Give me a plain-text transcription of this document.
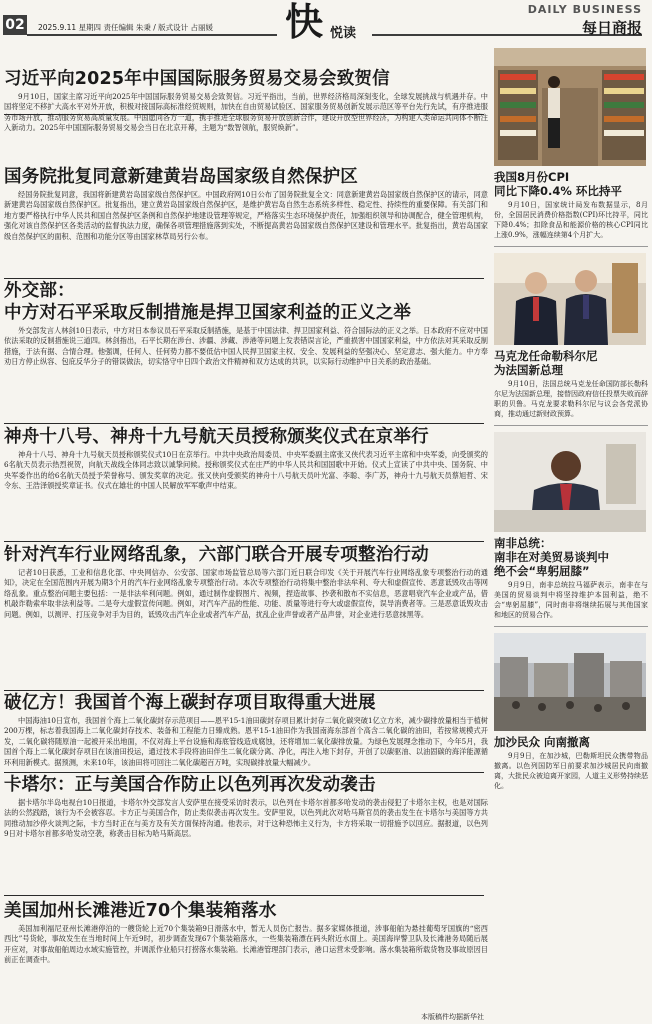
02	2025.9.11 星期四 责任编辑 朱秉 / 版式设计 占丽媛 快 悦读
DAILY BUSINESS
每日商报
习近平向2025年中国国际服务贸易交易会致贺信

9月10日，国家主席习近平向2025年中国国际服务贸易交易会致贺信。习近平指出，当前，世界经济格局深刻变化，全球发展挑战与机遇并存。中国将坚定不移扩大高水平对外开放，积极对接国际高标准经贸规则，加快在自由贸易试验区、国家服务贸易创新发展示范区等平台先行先试，有序推进服务市场开放，推动服务贸易高质量发展。中国愿同各方一道，携手推进全球服务贸易开放创新合作，建设开放型世界经济，为构建人类命运共同体不断注入新动力。2025年中国国际服务贸易交易会当日在北京开幕，主题为“数智领航，服贸焕新”。

国务院批复同意新建黄岩岛国家级自然保护区

经国务院批复同意，我国将新建黄岩岛国家级自然保护区。中国政府网10日公布了国务院批复全文：同意新建黄岩岛国家级自然保护区的请示，同意新建黄岩岛国家级自然保护区。批复指出，建立黄岩岛国家级自然保护区，是维护黄岩岛自然生态系统多样性、稳定性、持续性的重要保障。有关部门和地方要严格执行中华人民共和国自然保护区条例和自然保护地建设管理等规定，严格落实生态环境保护责任，加强组织领导和协调配合，健全管理机构，强化对该自然保护区各类活动的监督执法力度，确保各项管理措施落到实处，不断提高黄岩岛国家级自然保护区建设和管理水平。批复指出，黄岩岛国家级自然保护区的面积、范围和功能分区等由国家林草局另行公布。

外交部：
中方对石平采取反制措施是捍卫国家利益的正义之举

外交部发言人林剑10日表示，中方对日本参议员石平采取反制措施，是基于中国法律、捍卫国家利益、符合国际法的正义之举。日本政府不应对中国依法采取的反制措施说三道四。林剑指出，石平长期在涉台、涉疆、涉藏、涉港等问题上发表错误言论，严重损害中国国家利益，中方依法对其采取反制措施，于法有据、合情合理。他强调，任何人、任何势力都不要低估中国人民捍卫国家主权、安全、发展利益的坚强决心、坚定意志、强大能力。中方奉劝日方停止纵容、包庇反华分子的错误做法，切实恪守中日四个政治文件精神和双方达成的共识，以实际行动维护中日关系的政治基础。

神舟十八号、神舟十九号航天员授称颁奖仪式在京举行

神舟十八号、神舟十九号航天员授称颁奖仪式10日在京举行。中共中央政治局委员、中央军委副主席张又侠代表习近平主席和中央军委，向受颁奖的6名航天员表示热烈祝贺，向航天战线全体同志致以诚挚问候。授称颁奖仪式在庄严的中华人民共和国国歌中开始。仪式上宣读了中共中央、国务院、中央军委作出的给6名航天员授予荣誉称号、颁发奖章的决定。张又侠向受颁奖的神舟十八号航天员叶光富、李聪、李广苏，神舟十九号航天员蔡旭哲、宋令东、王浩泽颁授奖章证书。仪式在雄壮的中国人民解放军军歌声中结束。

针对汽车行业网络乱象，六部门联合开展专项整治行动

记者10日获悉，工业和信息化部、中央网信办、公安部、国家市场监管总局等六部门近日联合印发《关于开展汽车行业网络乱象专项整治行动的通知》，决定在全国范围内开展为期3个月的汽车行业网络乱象专项整治行动。本次专项整治行动将集中整治非法牟利、夸大和虚假宣传、恶意诋毁攻击等网络乱象。重点整治问题主要包括：一是非法牟利问题。例如，通过制作虚假图片、视频，捏造故事、抄袭和散布不实信息，恶意唱衰汽车企业或产品，借机敲诈勒索牟取非法利益等。二是夸大虚假宣传问题。例如，对汽车产品的性能、功能、质量等进行夸大或虚假宣传，误导消费者等。三是恶意诋毁攻击问题。例如，以测评、打压竞争对手为目的，诋毁攻击汽车企业或者汽车产品，扰乱企业声誉或者产品声誉，对企业进行恶意抹黑等。

破亿方！我国首个海上碳封存项目取得重大进展

中国海油10日宣布，我国首个海上二氧化碳封存示范项目——恩平15-1油田碳封存项目累计封存二氧化碳突破1亿立方米，减少碳排放量相当于植树200万棵，标志着我国海上二氧化碳封存技术、装备和工程能力日臻成熟。恩平15-1油田作为我国南海东部首个高含二氧化碳的油田，若按常规模式开发，二氧化碳将随原油一起被开采出地面，不仅对海上平台设施和海底管线造成腐蚀，还将增加二氧化碳排放量。为绿色发展理念推动下，今年5月，我国首个海上二氧化碳封存项目在该油田投运，通过技术手段将油田伴生二氧化碳分离、净化，再注入地下封存，开创了以碳驱油、以油固碳的海洋能源循环利用新模式。据预测，未来10年，该油田将可回注二氧化碳超百万吨，实现碳排放量大幅减少。

卡塔尔：正与美国合作防止以色列再次发动袭击

据卡塔尔半岛电视台10日报道，卡塔尔外交部发言人安萨里在接受采访时表示，以色列在卡塔尔首都多哈发动的袭击侵犯了卡塔尔主权，也是对国际法的公然践踏，该行为不会被容忍。卡方正与美国合作，防止类似袭击再次发生。安萨里说，以色列此次对哈马斯官员的袭击发生在卡塔尔与美国等方共同推动加沙停火谈判之际，卡方当时正在与美方及有关方面保持沟通。他表示，对于这种恐怖主义行为，卡方将采取一切措施予以回应。据报道，以色列9日对卡塔尔首都多哈发动空袭，称袭击目标为哈马斯高层。

美国加州长滩港近70个集装箱落水

美国加利福尼亚州长滩港停泊的一艘货轮上近70个集装箱9日滑落水中，暂无人员伤亡报告。据多家媒体报道，涉事船舶为悬挂葡萄牙国旗的“密西西比”号货轮，事故发生在当地时间上午近9时，初步调查发现67个集装箱落水，一些集装箱漂在码头附近水面上。美国海岸警卫队及长滩港务局随后展开应对，对事故船舶周边水域实施管控，并调派作业船只打捞落水集装箱。长滩港管理部门表示，港口运营未受影响。落水集装箱所载货物及事故原因目前正在调查中。

我国8月份CPI
同比下降0.4% 环比持平

9月10日，国家统计局发布数据显示，8月份，全国居民消费价格指数(CPI)环比持平，同比下降0.4%；扣除食品和能源价格的核心CPI同比上涨0.9%，涨幅连续第4个月扩大。

马克龙任命勒科尔尼
为法国新总理

9月10日，法国总统马克龙任命国防部长勒科尔尼为法国新总理，接替因政府信任投票失败而辞职的贝鲁。马克龙要求勒科尔尼与议会各党派协商，推动通过新财政预算。

南非总统：
南非在对美贸易谈判中
绝不会“卑躬屈膝”

9月9日，南非总统拉马福萨表示，南非在与美国的贸易谈判中将坚持维护本国利益，绝不会“卑躬屈膝”，同时南非将继续拓展与其他国家和地区的贸易合作。

加沙民众 向南撤离

9月9日，在加沙城，巴勒斯坦民众携带物品撤离。以色列国防军日前要求加沙城居民向南撤离，大批民众被迫离开家园，人道主义形势持续恶化。

本版稿件均据新华社
